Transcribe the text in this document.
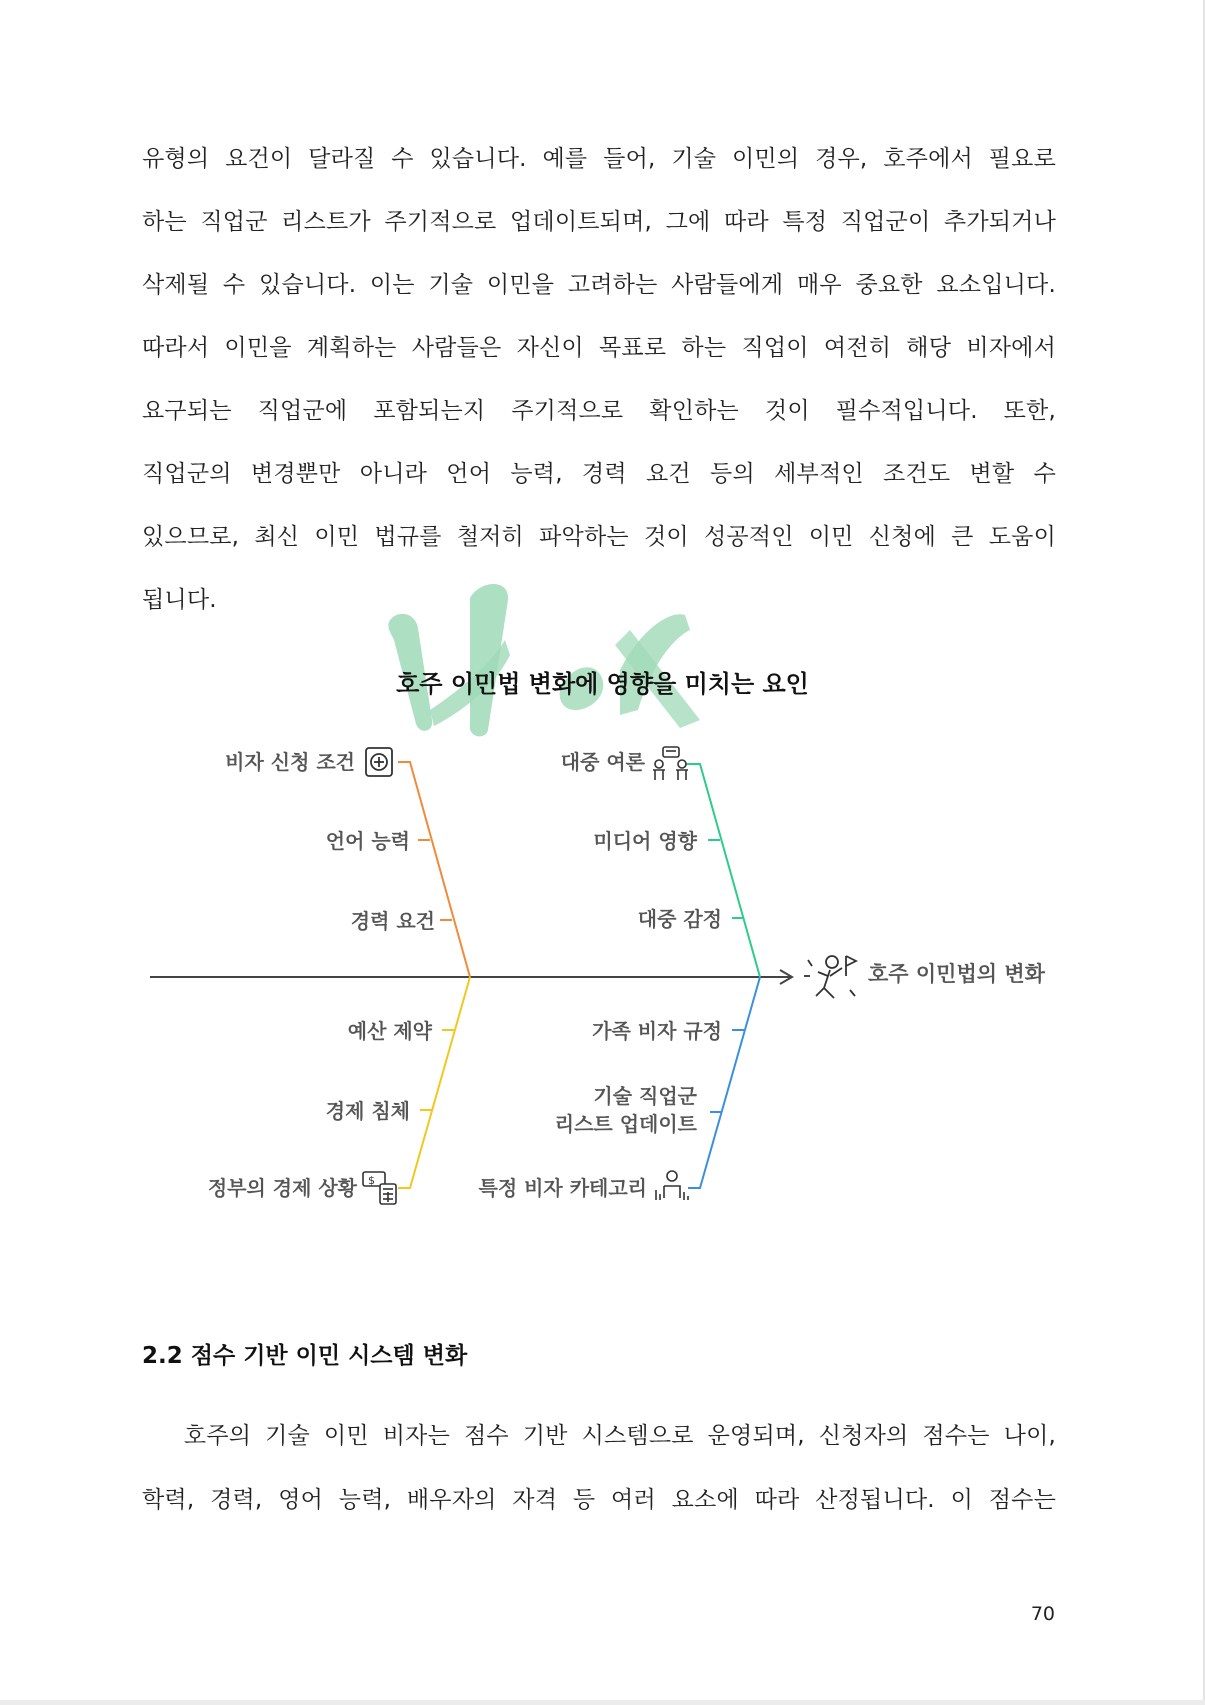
유형의 요건이 달라질 수 있습니다. 예를 들어, 기술 이민의 경우, 호주에서 필요로
하는 직업군 리스트가 주기적으로 업데이트되며, 그에 따라 특정 직업군이 추가되거나
삭제될 수 있습니다. 이는 기술 이민을 고려하는 사람들에게 매우 중요한 요소입니다.
따라서 이민을 계획하는 사람들은 자신이 목표로 하는 직업이 여전히 해당 비자에서
요구되는 직업군에 포함되는지 주기적으로 확인하는 것이 필수적입니다. 또한,
직업군의 변경뿐만 아니라 언어 능력, 경력 요건 등의 세부적인 조건도 변할 수
있으므로, 최신 이민 법규를 철저히 파악하는 것이 성공적인 이민 신청에 큰 도움이
됩니다.
호주 이민법 변화에 영향을 미치는 요인
비자 신청 조건
언어 능력
경력 요건
대중 여론
미디어 영향
대중 감정
예산 제약
경제 침체
정부의 경제 상황
가족 비자 규정
기술 직업군
리스트 업데이트
특정 비자 카테고리
호주 이민법의 변화
$
2.2 점수 기반 이민 시스템 변화
호주의 기술 이민 비자는 점수 기반 시스템으로 운영되며, 신청자의 점수는 나이,
학력, 경력, 영어 능력, 배우자의 자격 등 여러 요소에 따라 산정됩니다. 이 점수는
70
